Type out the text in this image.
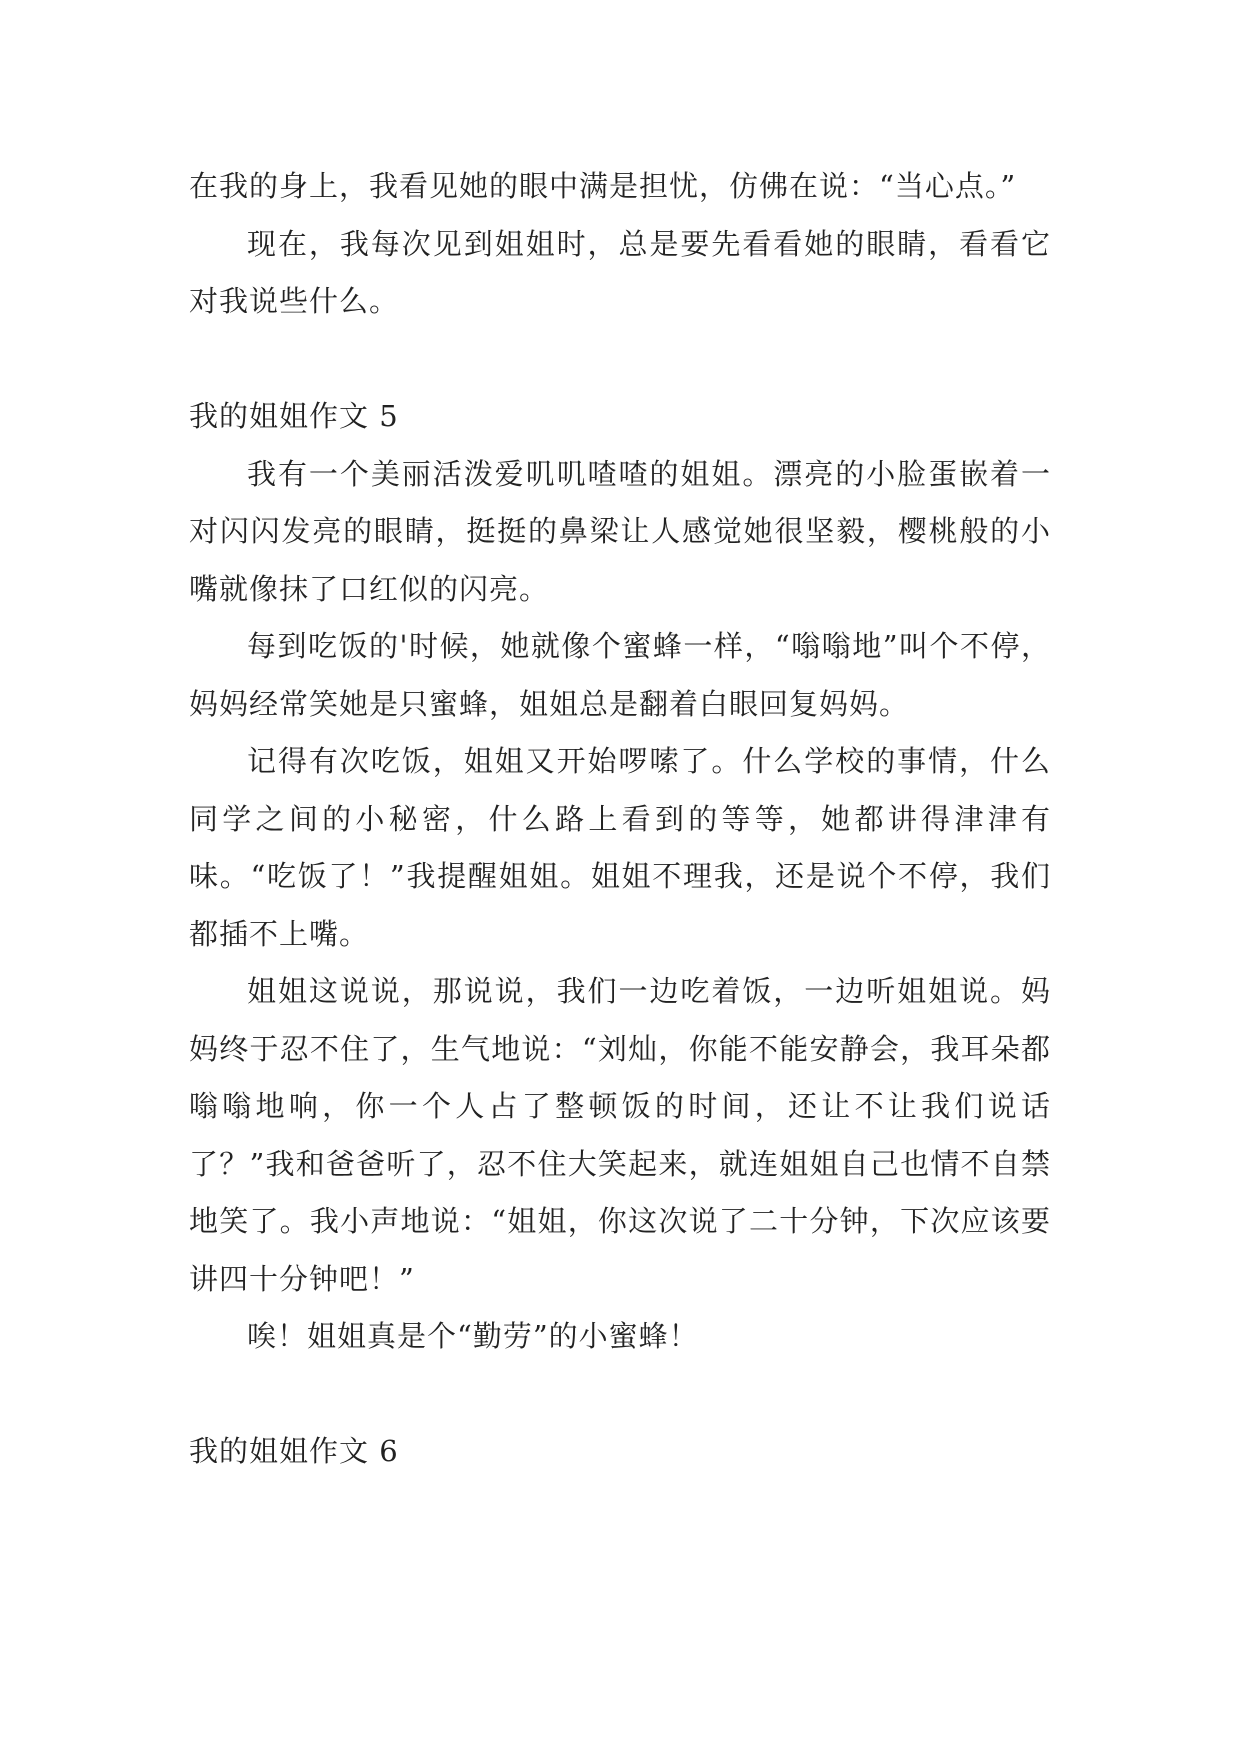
在我的身上，我看见她的眼中满是担忧，仿佛在说：“当心点。”

现在，我每次见到姐姐时，总是要先看看她的眼睛，看看它对我说些什么。

我的姐姐作文 5

我有一个美丽活泼爱叽叽喳喳的姐姐。漂亮的小脸蛋嵌着一对闪闪发亮的眼睛，挺挺的鼻梁让人感觉她很坚毅，樱桃般的小嘴就像抹了口红似的闪亮。

每到吃饭的'时候，她就像个蜜蜂一样，“嗡嗡地”叫个不停，妈妈经常笑她是只蜜蜂，姐姐总是翻着白眼回复妈妈。

记得有次吃饭，姐姐又开始啰嗦了。什么学校的事情，什么同学之间的小秘密，什么路上看到的等等，她都讲得津津有味。“吃饭了！”我提醒姐姐。姐姐不理我，还是说个不停，我们都插不上嘴。

姐姐这说说，那说说，我们一边吃着饭，一边听姐姐说。妈妈终于忍不住了，生气地说：“刘灿，你能不能安静会，我耳朵都嗡嗡地响，你一个人占了整顿饭的时间，还让不让我们说话了？”我和爸爸听了，忍不住大笑起来，就连姐姐自己也情不自禁地笑了。我小声地说：“姐姐，你这次说了二十分钟，下次应该要讲四十分钟吧！”

唉！姐姐真是个“勤劳”的小蜜蜂！

我的姐姐作文 6
